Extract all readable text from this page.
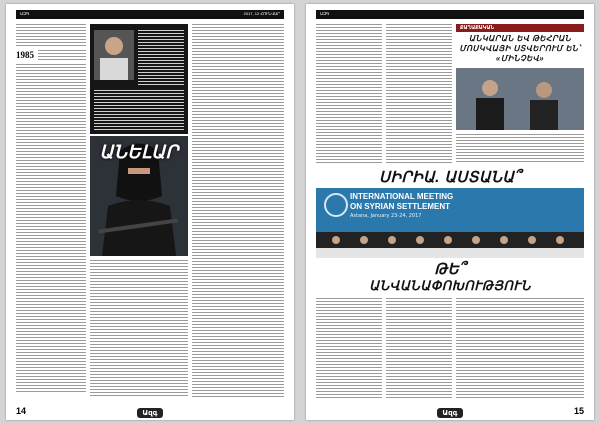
ԱԶԳ	2017, 12 ՀՈՒՆՎԱՐ
1985
ԱՆԵԼԱՐ
14	Ազգ
ԱԶԳ
ՔԱՂԱՔԱԿԱՆ
ԱՆԿԱՐԱՆ ԵՎ ԹԵՀՐԱՆ ՄՈՍԿՎԱՅԻ ՍՏՎԵՐՈՒՄ ԵՆ՝ «ՄԻՆՉԵՎ»
ՍԻՐԻԱ. ԱՍՏԱՆԱ՞
INTERNATIONAL MEETING
ON SYRIAN SETTLEMENT
Astana, January 23-24, 2017
ԹԵ՞
ԱՆՎԱՆԱՓՈԽՈՒԹՅՈՒՆ
15
Ազգ
